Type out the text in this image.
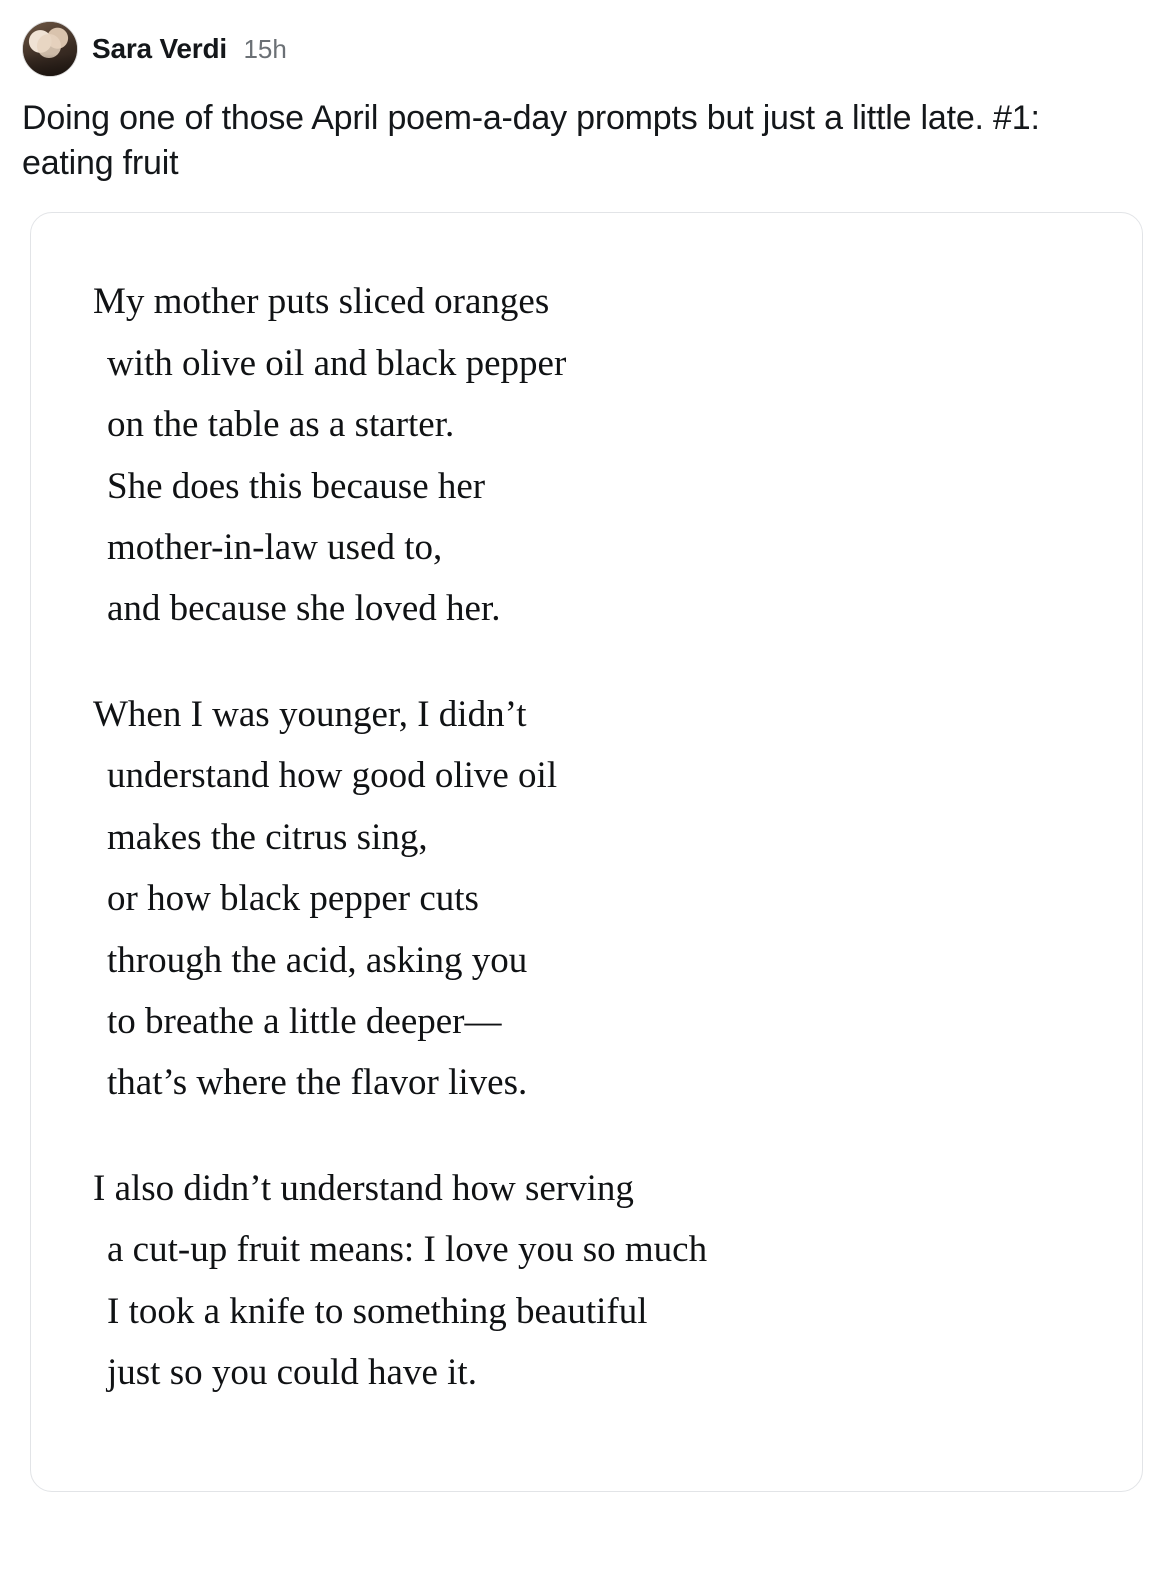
Sara Verdi 15h

Doing one of those April poem-a-day prompts but just a little late. #1: eating fruit

My mother puts sliced oranges
with olive oil and black pepper
on the table as a starter.
She does this because her
mother-in-law used to,
and because she loved her.
When I was younger, I didn’t
understand how good olive oil
makes the citrus sing,
or how black pepper cuts
through the acid, asking you
to breathe a little deeper—
that’s where the flavor lives.
I also didn’t understand how serving
a cut-up fruit means: I love you so much
I took a knife to something beautiful
just so you could have it.
